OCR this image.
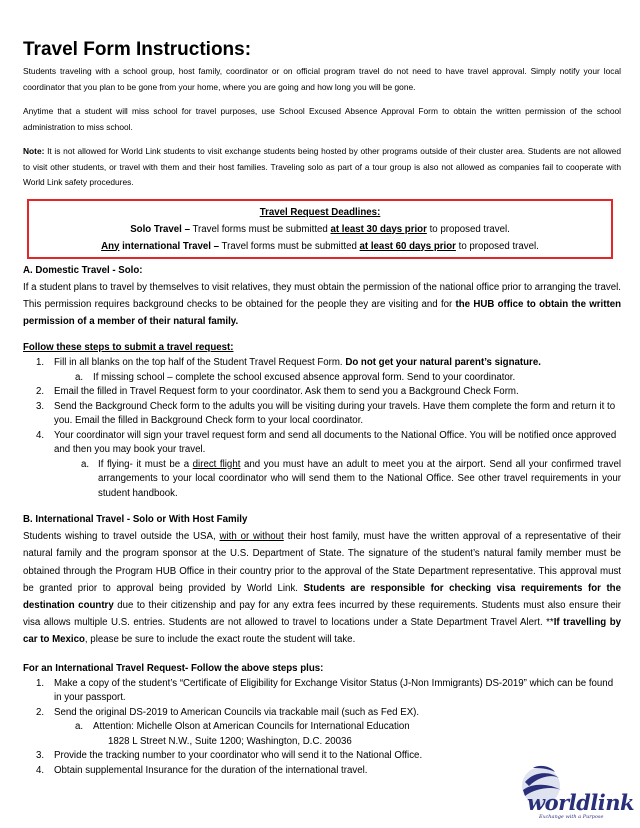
Travel Form Instructions:

Students traveling with a school group, host family, coordinator or on official program travel do not need to have travel approval. Simply notify your local coordinator that you plan to be gone from your home, where you are going and how long you will be gone.

Anytime that a student will miss school for travel purposes, use School Excused Absence Approval Form to obtain the written permission of the school administration to miss school.

Note: It is not allowed for World Link students to visit exchange students being hosted by other programs outside of their cluster area. Students are not allowed to visit other students, or travel with them and their host families. Traveling solo as part of a tour group is also not allowed as companies fail to cooperate with World Link safety procedures.

Travel Request Deadlines:
Solo Travel – Travel forms must be submitted at least 30 days prior to proposed travel.
Any international Travel – Travel forms must be submitted at least 60 days prior to proposed travel.

A. Domestic Travel - Solo:

If a student plans to travel by themselves to visit relatives, they must obtain the permission of the national office prior to arranging the travel. This permission requires background checks to be obtained for the people they are visiting and for the HUB office to obtain the written permission of a member of their natural family.

Follow these steps to submit a travel request:

1. Fill in all blanks on the top half of the Student Travel Request Form. Do not get your natural parent’s signature.
a. If missing school – complete the school excused absence approval form. Send to your coordinator.
2. Email the filled in Travel Request form to your coordinator. Ask them to send you a Background Check Form.
3. Send the Background Check form to the adults you will be visiting during your travels. Have them complete the form and return it to you. Email the filled in Background Check form to your local coordinator.
4. Your coordinator will sign your travel request form and send all documents to the National Office. You will be notified once approved and then you may book your travel.
a. If flying- it must be a direct flight and you must have an adult to meet you at the airport. Send all your confirmed travel arrangements to your local coordinator who will send them to the National Office. See other travel requirements in your student handbook.

B. International Travel - Solo or With Host Family

Students wishing to travel outside the USA, with or without their host family, must have the written approval of a representative of their natural family and the program sponsor at the U.S. Department of State. The signature of the student’s natural family member must be obtained through the Program HUB Office in their country prior to the approval of the State Department representative. This approval must be granted prior to approval being provided by World Link. Students are responsible for checking visa requirements for the destination country due to their citizenship and pay for any extra fees incurred by these requirements. Students must also ensure their visa allows multiple U.S. entries. Students are not allowed to travel to locations under a State Department Travel Alert. **If travelling by car to Mexico, please be sure to include the exact route the student will take.

For an International Travel Request- Follow the above steps plus:

1. Make a copy of the student’s “Certificate of Eligibility for Exchange Visitor Status (J-Non Immigrants) DS-2019” which can be found in your passport.
2. Send the original DS-2019 to American Councils via trackable mail (such as Fed EX).
a. Attention: Michelle Olson at American Councils for International Education
1828 L Street N.W., Suite 1200; Washington, D.C. 20036
3. Provide the tracking number to your coordinator who will send it to the National Office.
4. Obtain supplemental Insurance for the duration of the international travel.
worldlink
Exchange with a Purpose
